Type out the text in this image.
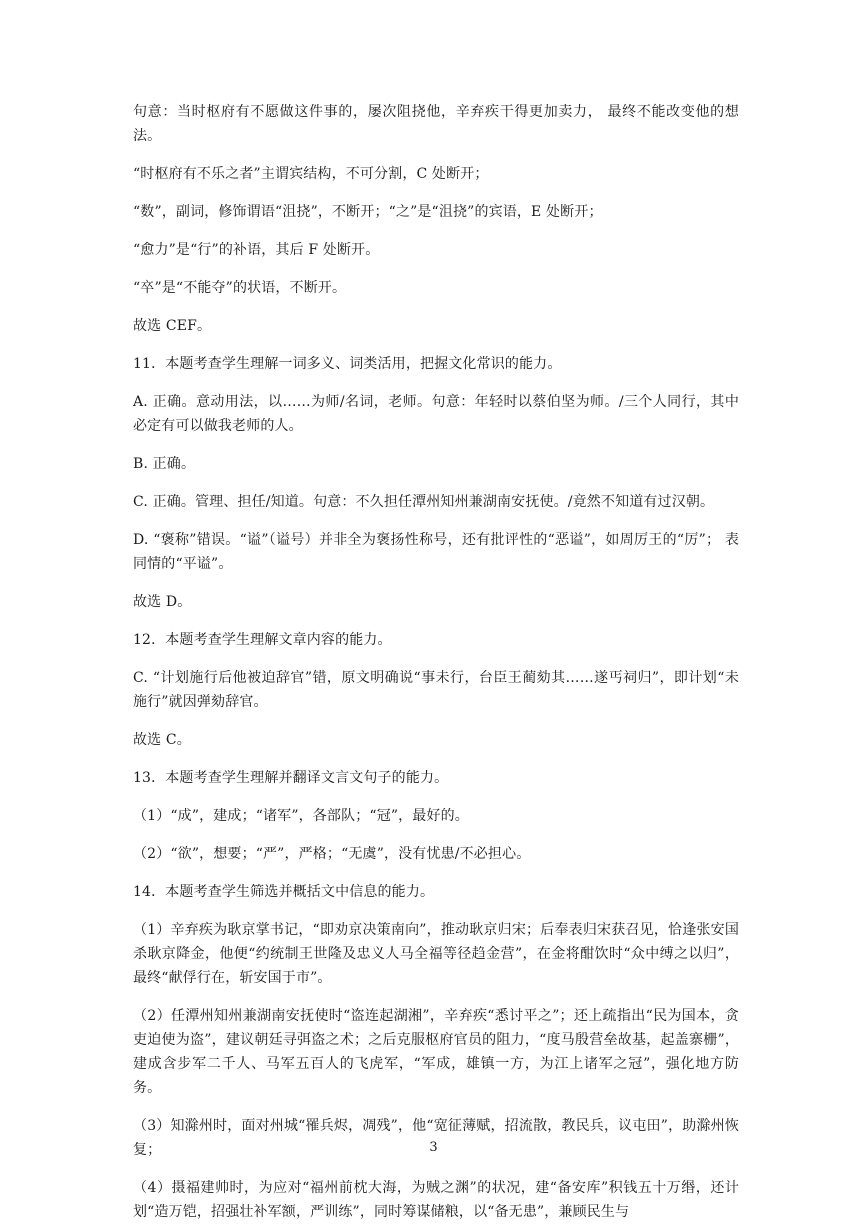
句意：当时枢府有不愿做这件事的，屡次阻挠他，辛弃疾干得更加卖力， 最终不能改变他的想法。

“时枢府有不乐之者”主谓宾结构，不可分割，C 处断开；

“数”，副词，修饰谓语“沮挠”，不断开；“之”是“沮挠”的宾语，E 处断开；

“愈力”是“行”的补语，其后 F 处断开。

“卒”是“不能夺”的状语，不断开。

故选 CEF。

11．本题考查学生理解一词多义、词类活用，把握文化常识的能力。

A. 正确。意动用法，以……为师/名词，老师。句意：年轻时以蔡伯坚为师。/三个人同行，其中必定有可以做我老师的人。

B. 正确。

C. 正确。管理、担任/知道。句意：不久担任潭州知州兼湖南安抚使。/竟然不知道有过汉朝。

D. “褒称”错误。“谥”（谥号）并非全为褒扬性称号，还有批评性的“恶谥”，如周厉王的“厉”； 表同情的“平谥”。

故选 D。

12．本题考查学生理解文章内容的能力。

C. “计划施行后他被迫辞官”错，原文明确说“事未行，台臣王蔺劾其……遂丐祠归”，即计划“未施行”就因弹劾辞官。

故选 C。

13．本题考查学生理解并翻译文言文句子的能力。

（1）“成”，建成；“诸军”，各部队；“冠”，最好的。

（2）“欲”，想要；“严”，严格；“无虞”，没有忧患/不必担心。

14．本题考查学生筛选并概括文中信息的能力。

（1）辛弃疾为耿京掌书记，“即劝京决策南向”，推动耿京归宋；后奉表归宋获召见，恰逢张安国杀耿京降金，他便“约统制王世隆及忠义人马全福等径趋金营”，在金将酣饮时“众中缚之以归”，最终“献俘行在，斩安国于市”。

（2）任潭州知州兼湖南安抚使时“盗连起湖湘”，辛弃疾“悉讨平之”；还上疏指出“民为国本，贪吏迫使为盗”，建议朝廷寻弭盗之术；之后克服枢府官员的阻力，“度马殷营垒故基，起盖寨栅”，建成含步军二千人、马军五百人的飞虎军，“军成，雄镇一方，为江上诸军之冠”，强化地方防务。

（3）知滁州时，面对州城“罹兵烬，凋残”，他“宽征薄赋，招流散，教民兵，议屯田”，助滁州恢复；

（4）摄福建帅时，为应对“福州前枕大海，为贼之渊”的状况，建“备安库”积钱五十万缗，还计划“造万铠，招强壮补军额，严训练”，同时筹谋储粮，以“备无患”，兼顾民生与

3
